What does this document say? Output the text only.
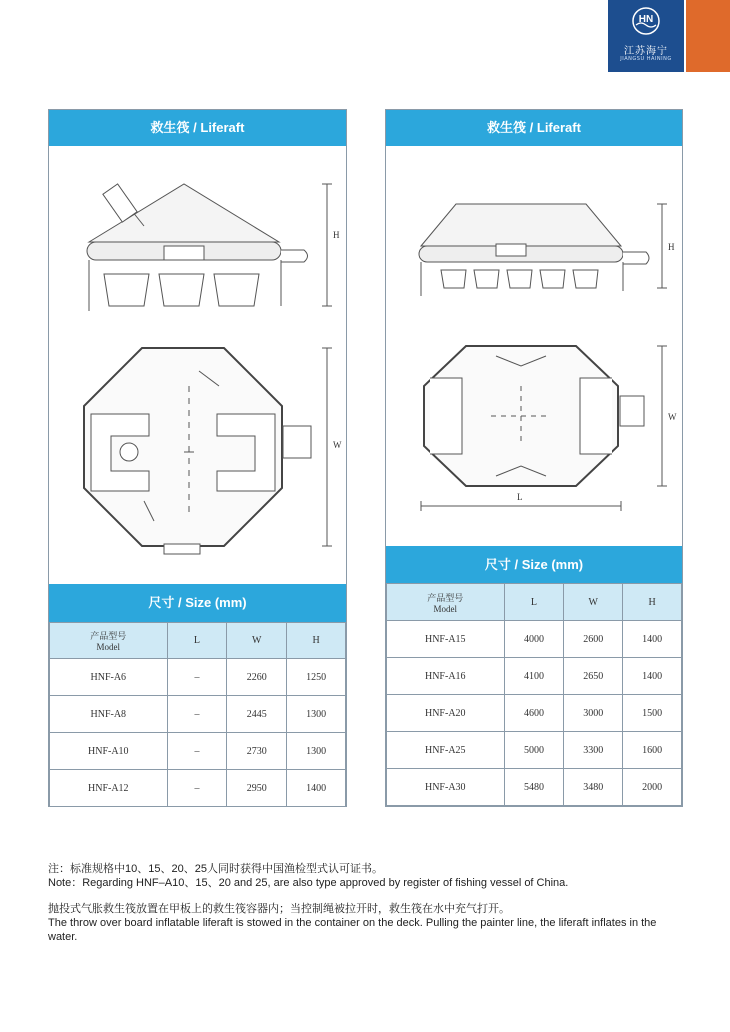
HN
江苏海宁
JIANGSU HAINING
救生筏 / Liferaft
H
W
尺寸 / Size (mm)
产品型号
Model	L	W	H
HNF-A6	–	2260	1250
HNF-A8	–	2445	1300
HNF-A10	–	2730	1300
HNF-A12	–	2950	1400
救生筏 / Liferaft
H
W
L
尺寸 / Size (mm)
产品型号
Model	L	W	H
HNF-A15	4000	2600	1400
HNF-A16	4100	2650	1400
HNF-A20	4600	3000	1500
HNF-A25	5000	3300	1600
HNF-A30	5480	3480	2000

注：标准规格中10、15、20、25人同时获得中国渔检型式认可证书。

Note：Regarding HNF–A10、15、20 and 25, are also type approved by register of fishing vessel of China.

抛投式气胀救生筏放置在甲板上的救生筏容器内；当控制绳被拉开时，救生筏在水中充气打开。

The throw over board inflatable liferaft is stowed in the container on the deck. Pulling the painter line, the liferaft inflates in the water.
